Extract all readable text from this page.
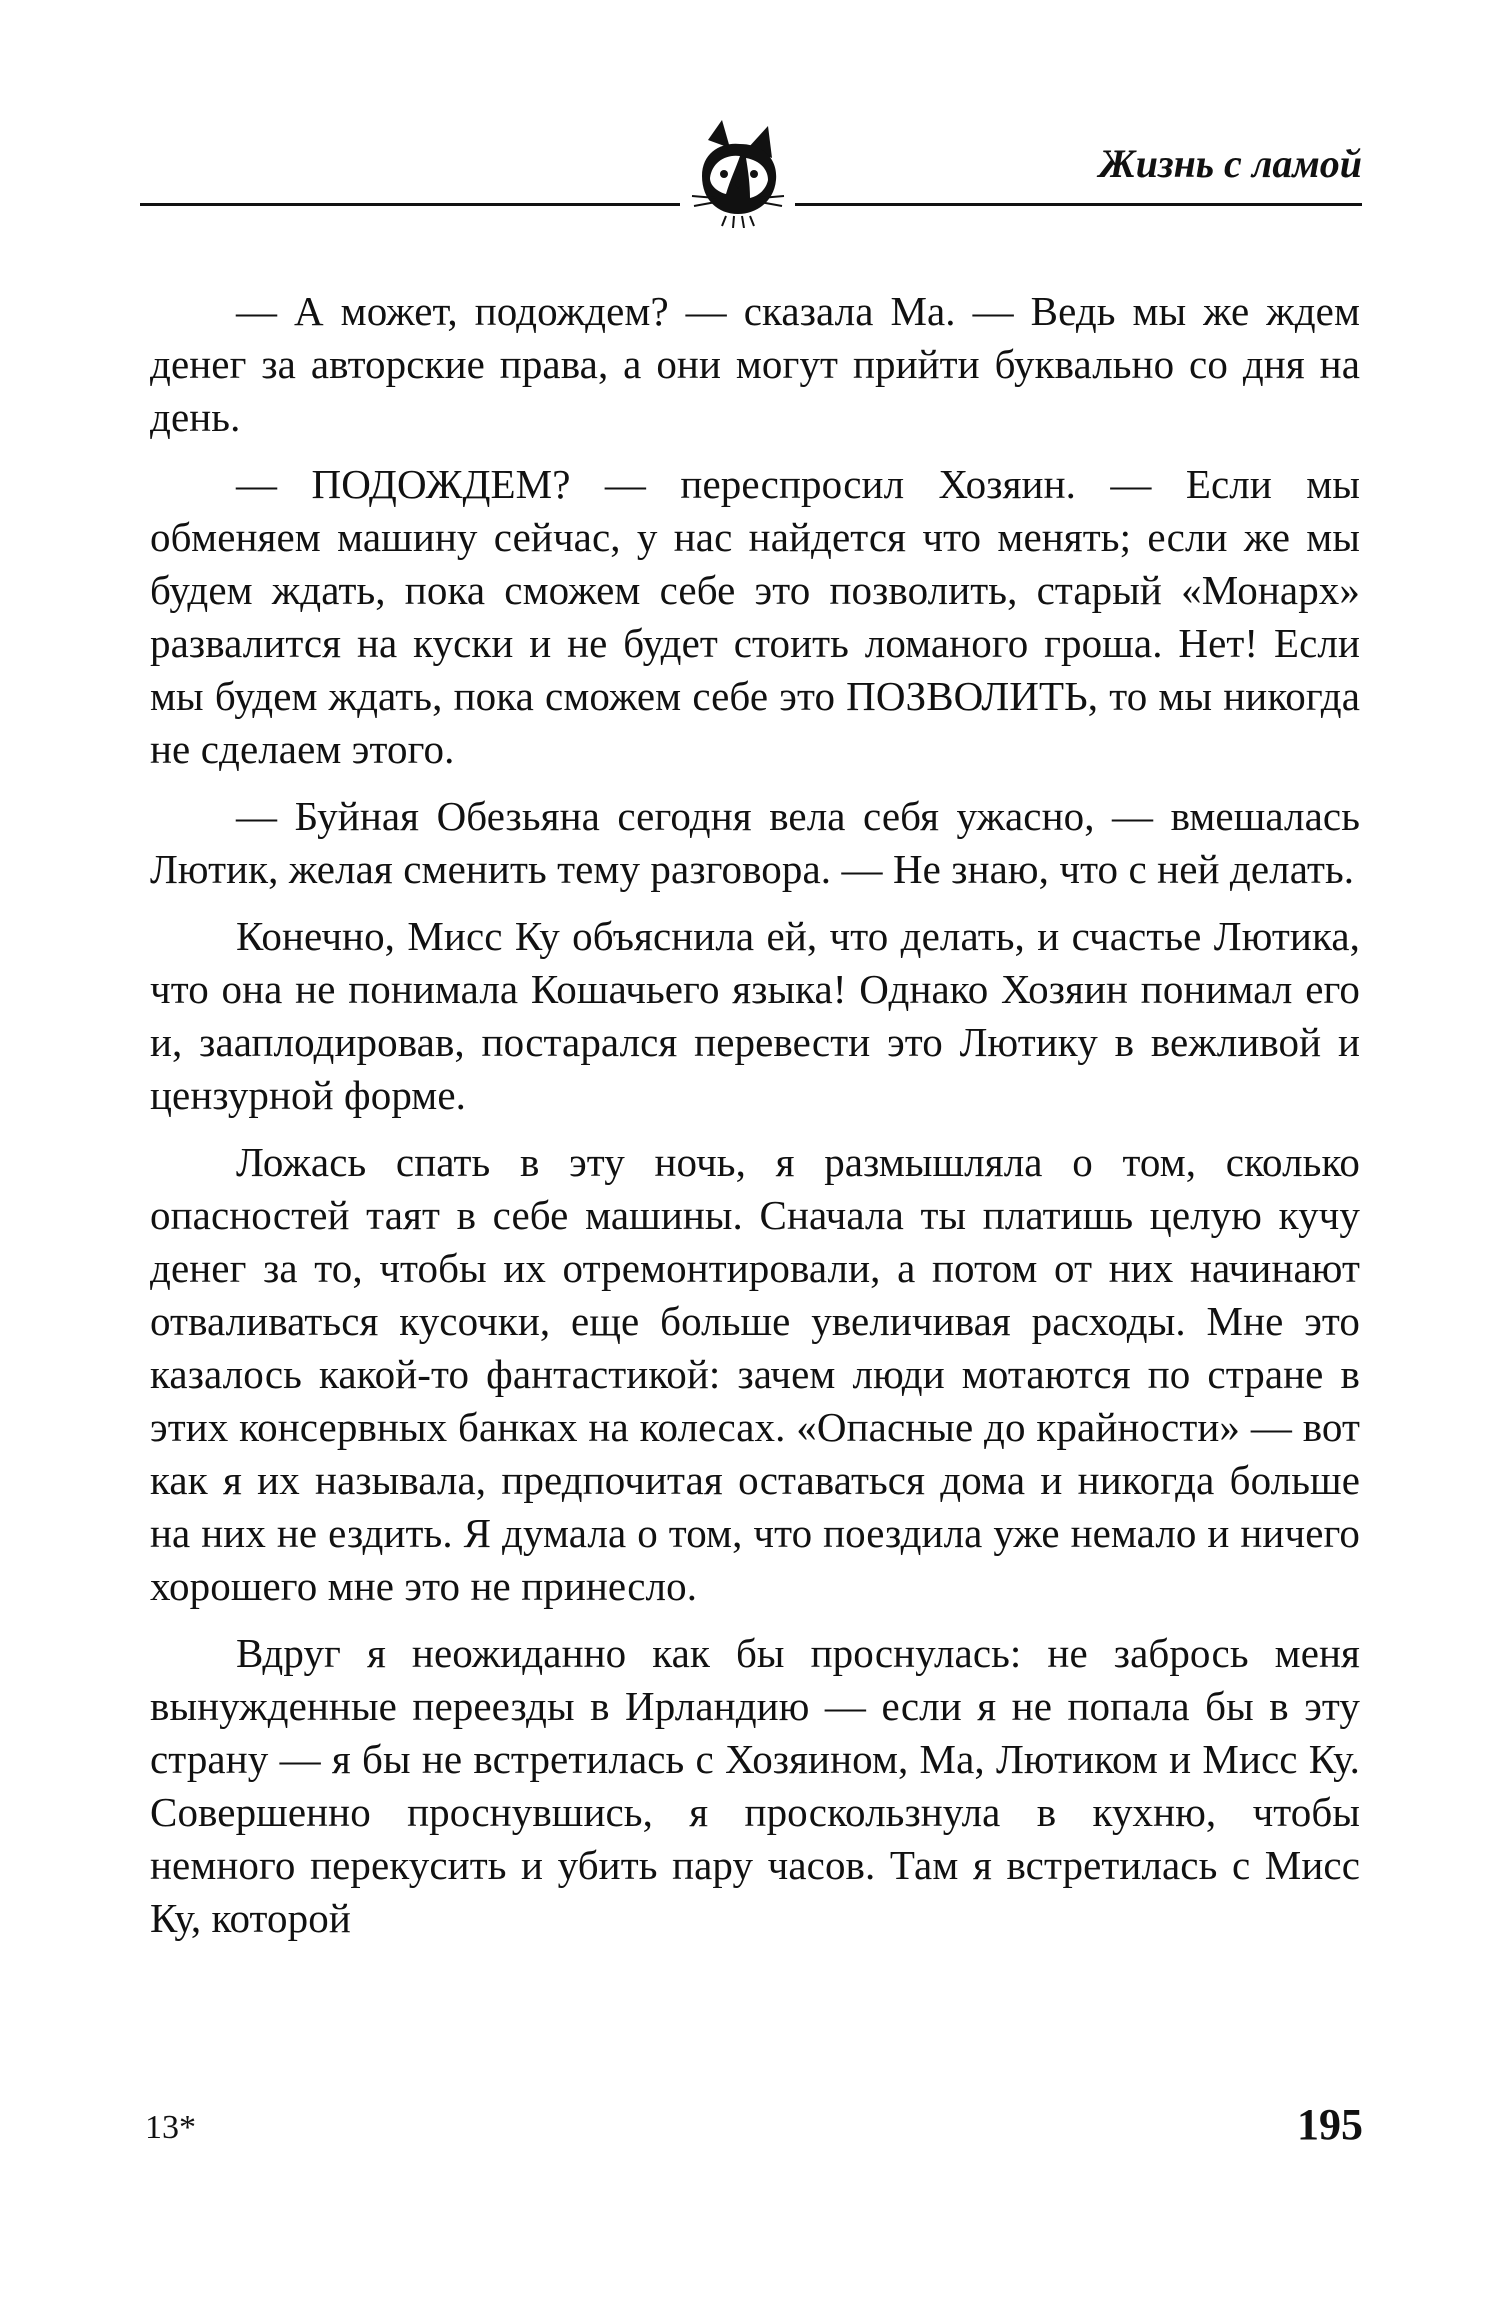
Жизнь с ламой

— А может, подождем? — сказала Ма. — Ведь мы же ждем денег за авторские права, а они могут прийти буквально со дня на день.

— ПОДОЖДЕМ? — переспросил Хозяин. — Если мы обменяем машину сейчас, у нас найдется что менять; если же мы будем ждать, пока сможем себе это позволить, старый «Монарх» развалится на куски и не будет стоить ломаного гроша. Нет! Если мы будем ждать, пока сможем себе это ПОЗВОЛИТЬ, то мы никогда не сделаем этого.

— Буйная Обезьяна сегодня вела себя ужасно, — вмешалась Лютик, желая сменить тему разговора. — Не знаю, что с ней делать.

Конечно, Мисс Ку объяснила ей, что делать, и счастье Лютика, что она не понимала Кошачьего языка! Однако Хозяин понимал его и, зааплодировав, постарался перевести это Лютику в вежливой и цензурной форме.

Ложась спать в эту ночь, я размышляла о том, сколько опасностей таят в себе машины. Сначала ты платишь целую кучу денег за то, чтобы их отремонтировали, а потом от них начинают отваливаться кусочки, еще больше увеличивая расходы. Мне это казалось какой-то фантастикой: зачем люди мотаются по стране в этих консервных банках на колесах. «Опасные до крайности» — вот как я их называла, предпочитая оставаться дома и никогда больше на них не ездить. Я думала о том, что поездила уже немало и ничего хорошего мне это не принесло.

Вдруг я неожиданно как бы проснулась: не забрось меня вынужденные переезды в Ирландию — если я не попала бы в эту страну — я бы не встретилась с Хозяином, Ма, Лютиком и Мисс Ку. Совершенно проснувшись, я проскользнула в кухню, чтобы немного перекусить и убить пару часов. Там я встретилась с Мисс Ку, которой

13*	195
